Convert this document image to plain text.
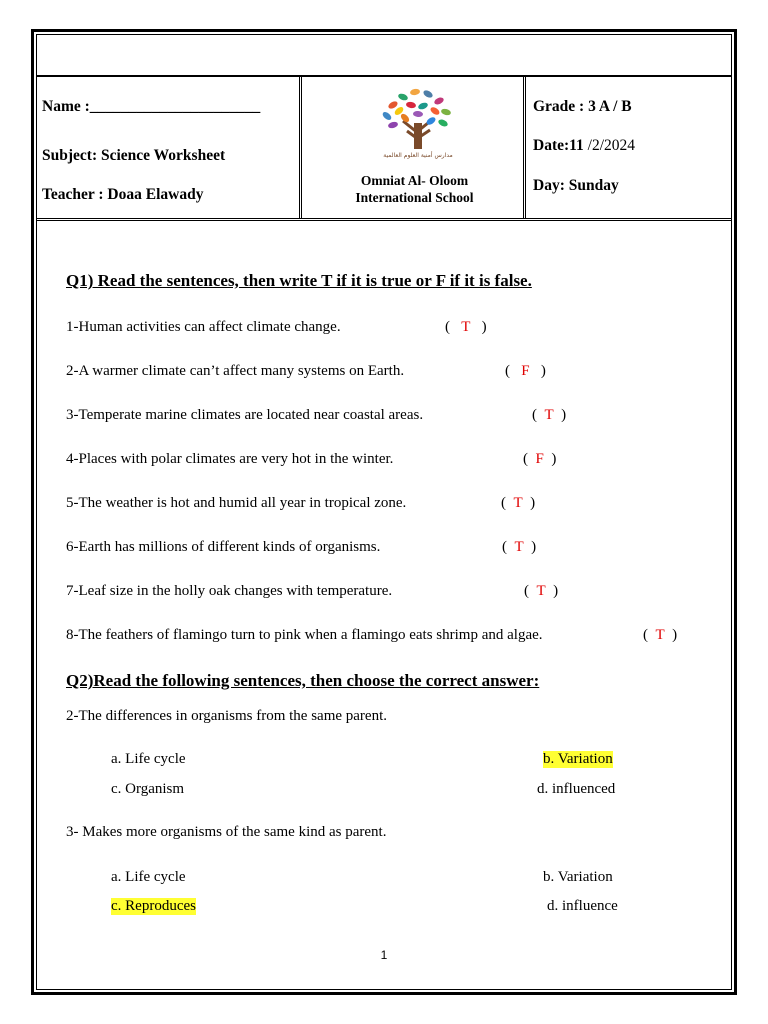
Name :______________________
Subject: Science Worksheet
Teacher : Doaa Elawady
مدارس أمنية العلوم العالمية
Omniat Al- Oloom
International School
Grade : 3 A / B
Date:11 /2/2024
Day: Sunday
Q1) Read the sentences, then write T if it is true or F if it is false.
1-Human activities can affect climate change.	(   T   )
2-A warmer climate can’t affect many systems on Earth.	(   F   )
3-Temperate marine climates are located near coastal areas.	(  T  )
4-Places with polar climates are very hot in the winter.	(  F  )
5-The weather is hot and humid all year in tropical zone.	(  T  )
6-Earth has millions of different kinds of organisms.	(  T  )
7-Leaf size in the holly oak changes with temperature.	(  T  )
8-The feathers of flamingo turn to pink when a flamingo eats shrimp and algae.	(  T  )
Q2)Read the following sentences, then choose the correct answer:
2-The differences in organisms from the same parent.
a. Life cycle	b. Variation
c. Organism	d. influenced
3- Makes more organisms of the same kind as parent.
a. Life cycle	b. Variation
c. Reproduces	d. influence
1
